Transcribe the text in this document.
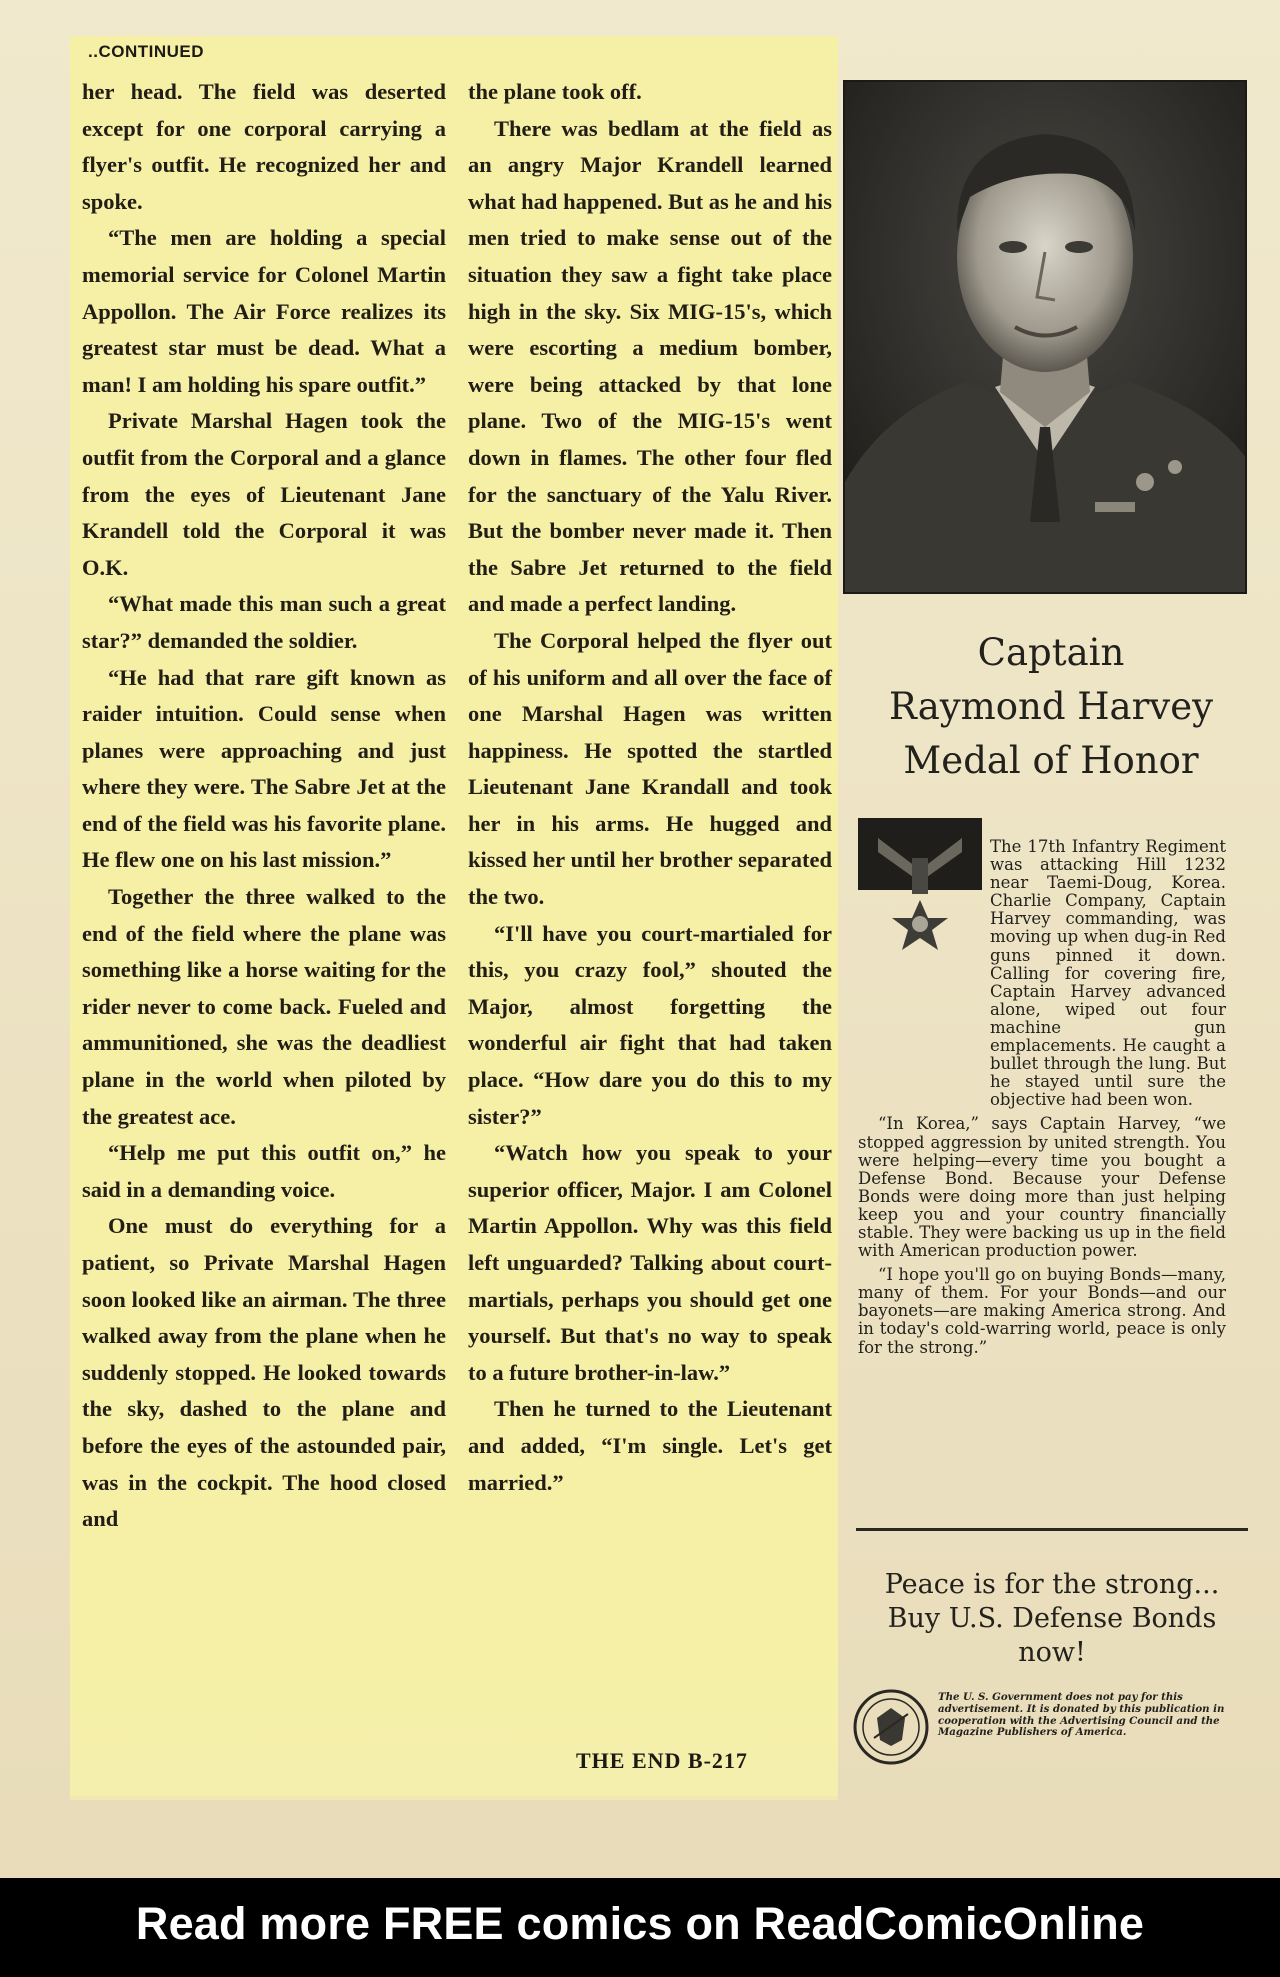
..CONTINUED

her head. The field was deserted except for one corporal carrying a flyer's outfit. He recognized her and spoke.

“The men are holding a special memorial service for Colonel Martin Appollon. The Air Force realizes its greatest star must be dead. What a man! I am holding his spare outfit.”

Private Marshal Hagen took the outfit from the Corporal and a glance from the eyes of Lieutenant Jane Krandell told the Corporal it was O.K.

“What made this man such a great star?” demanded the soldier.

“He had that rare gift known as raider intuition. Could sense when planes were approaching and just where they were. The Sabre Jet at the end of the field was his favorite plane. He flew one on his last mission.”

Together the three walked to the end of the field where the plane was something like a horse waiting for the rider never to come back. Fueled and ammunitioned, she was the deadliest plane in the world when piloted by the greatest ace.

“Help me put this outfit on,” he said in a demanding voice.

One must do everything for a patient, so Private Marshal Hagen soon looked like an airman. The three walked away from the plane when he suddenly stopped. He looked towards the sky, dashed to the plane and before the eyes of the astounded pair, was in the cockpit. The hood closed and

the plane took off.

There was bedlam at the field as an angry Major Krandell learned what had happened. But as he and his men tried to make sense out of the situation they saw a fight take place high in the sky. Six MIG-15's, which were escorting a medium bomber, were being attacked by that lone plane. Two of the MIG-15's went down in flames. The other four fled for the sanctuary of the Yalu River. But the bomber never made it. Then the Sabre Jet returned to the field and made a perfect landing.

The Corporal helped the flyer out of his uniform and all over the face of one Marshal Hagen was written happiness. He spotted the startled Lieutenant Jane Krandall and took her in his arms. He hugged and kissed her until her brother separated the two.

“I'll have you court-martialed for this, you crazy fool,” shouted the Major, almost forgetting the wonderful air fight that had taken place. “How dare you do this to my sister?”

“Watch how you speak to your superior officer, Major. I am Colonel Martin Appollon. Why was this field left unguarded? Talking about court-martials, perhaps you should get one yourself. But that's no way to speak to a future brother-in-law.”

Then he turned to the Lieutenant and added, “I'm single. Let's get married.”

THE END B-217
Captain
Raymond Harvey
Medal of Honor

The 17th Infantry Regiment was attacking Hill 1232 near Taemi-Doug, Korea. Charlie Company, Captain Harvey commanding, was moving up when dug-in Red guns pinned it down. Calling for covering fire, Captain Harvey advanced alone, wiped out four machine gun emplacements. He caught a bullet through the lung. But he stayed until sure the objective had been won.

“In Korea,” says Captain Harvey, “we stopped aggression by united strength. You were helping—every time you bought a Defense Bond. Because your Defense Bonds were doing more than just helping keep you and your country financially stable. They were backing us up in the field with American production power.

“I hope you'll go on buying Bonds—many, many of them. For your Bonds—and our bayonets—are making America strong. And in today's cold-warring world, peace is only for the strong.”

Peace is for the strong...
Buy U.S. Defense Bonds now!
The U. S. Government does not pay for this advertisement. It is donated by this publication in cooperation with the Advertising Council and the Magazine Publishers of America.
Read more FREE comics on ReadComicOnline
